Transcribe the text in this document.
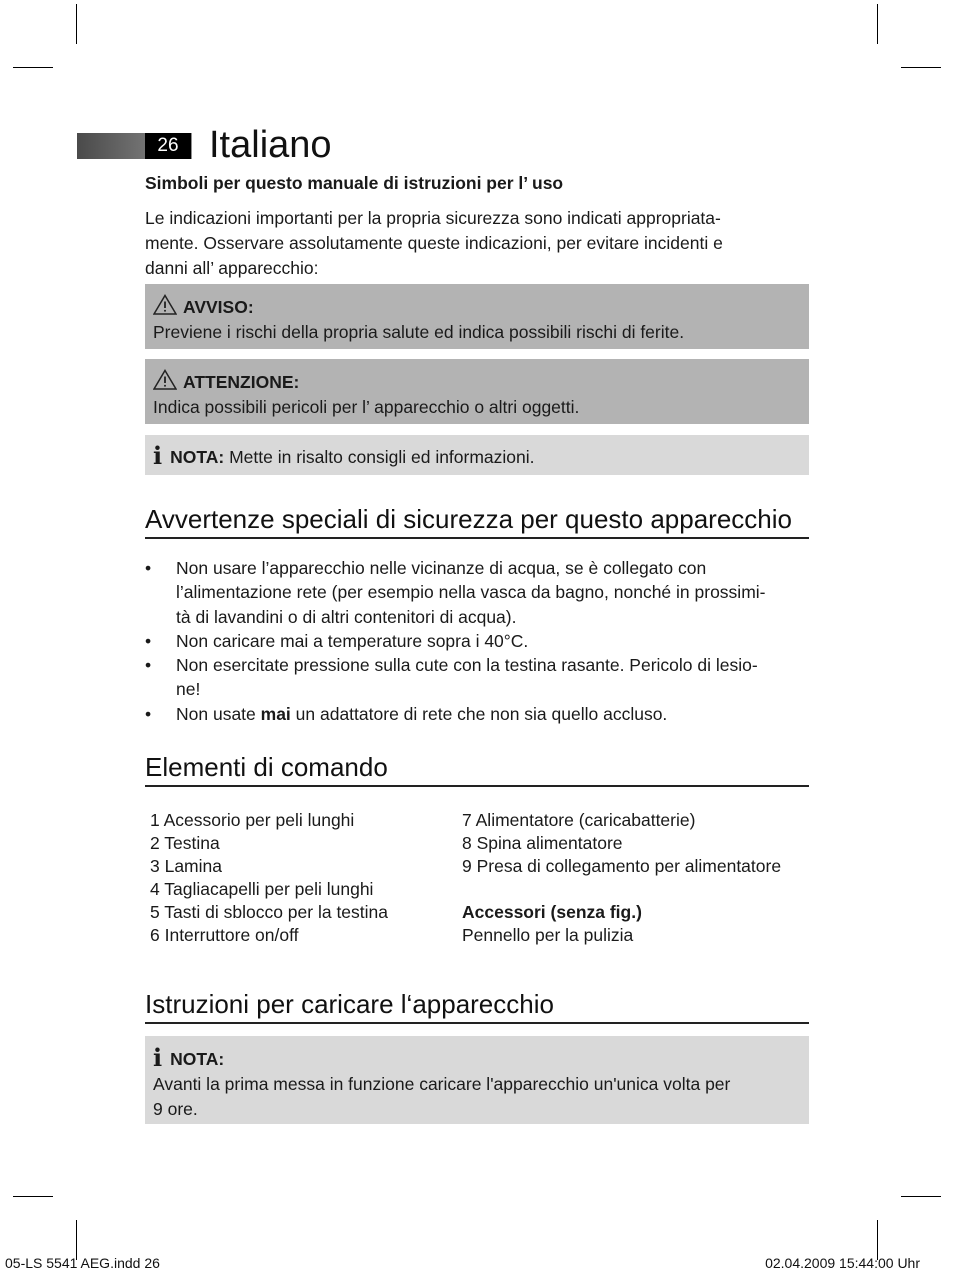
26 Italiano
Simboli per questo manuale di istruzioni per l’ uso
Le indicazioni importanti per la propria sicurezza sono indicati appropriata-
mente. Osservare assolutamente queste indicazioni, per evitare incidenti e
danni all’ apparecchio:
AVVISO:
Previene i rischi della propria salute ed indica possibili rischi di ferite.
ATTENZIONE:
Indica possibili pericoli per l’ apparecchio o altri oggetti.
i NOTA: Mette in risalto consigli ed informazioni.
Avvertenze speciali di sicurezza per questo apparecchio
• Non usare l’apparecchio nelle vicinanze di acqua, se è collegato con
l’alimentazione rete (per esempio nella vasca da bagno, nonché in prossimi-
tà di lavandini o di altri contenitori di acqua).
• Non caricare mai a temperature sopra i 40°C.
• Non esercitate pressione sulla cute con la testina rasante. Pericolo di lesio-
ne!
• Non usate mai un adattatore di rete che non sia quello accluso.
Elementi di comando
1 Acessorio per peli lunghi
2 Testina
3 Lamina
4 Tagliacapelli per peli lunghi
5 Tasti di sblocco per la testina
6 Interruttore on/off
7 Alimentatore (caricabatterie)
8 Spina alimentatore
9 Presa di collegamento per alimentatore
Accessori (senza fig.)
Pennello per la pulizia
Istruzioni per caricare l‘apparecchio
i NOTA:
Avanti la prima messa in funzione caricare l'apparecchio un'unica volta per
9 ore.
05-LS 5541 AEG.indd 26	02.04.2009 15:44:00 Uhr
